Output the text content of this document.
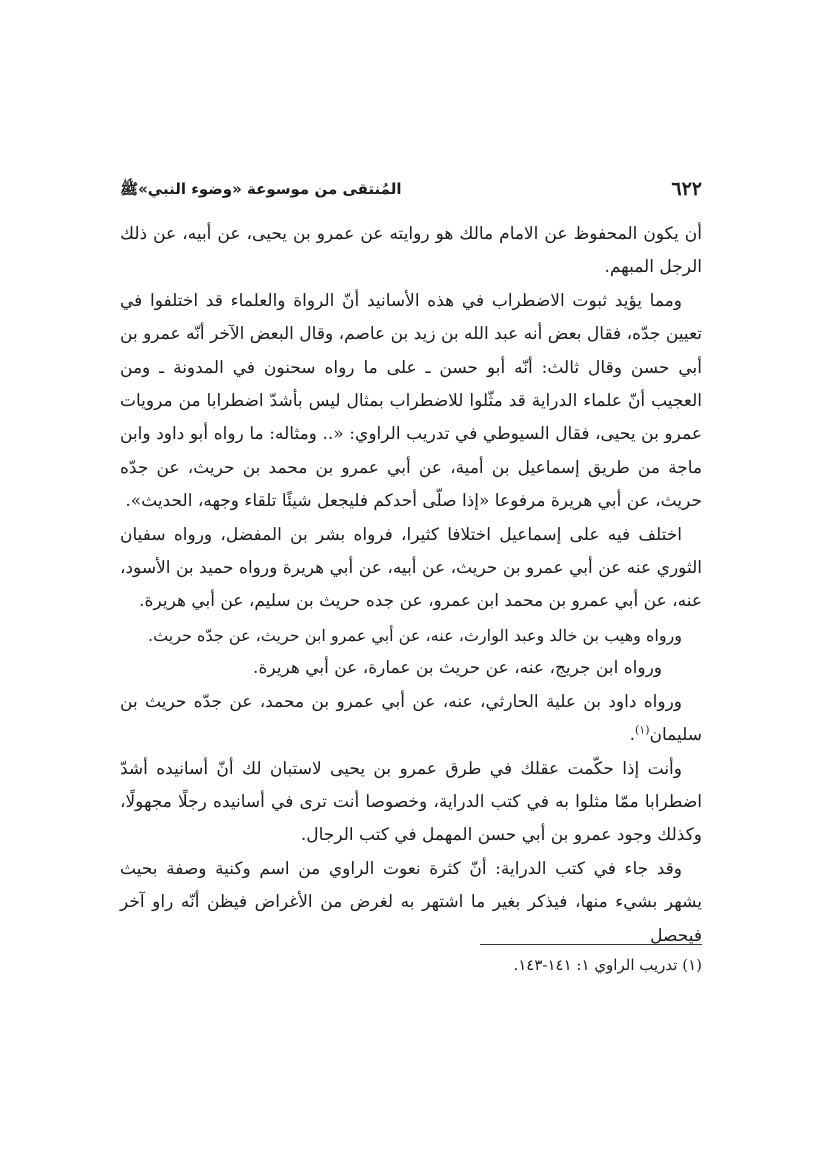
٦٢٢
المُنتقى من موسوعة «وضوء النبي»ﷺ

أن يكون المحفوظ عن الامام مالك هو روايته عن عمرو بن يحيى، عن أبيه، عن ذلك الرجل المبهم.

ومما يؤيد ثبوت الاضطراب في هذه الأسانيد أنّ الرواة والعلماء قد اختلفوا في تعيين جدّه، فقال بعض أنه عبد الله بن زيد بن عاصم، وقال البعض الآخر أنّه عمرو بن أبي حسن وقال ثالث: أنّه أبو حسن ـ على ما رواه سحنون في المدونة ـ ومن العجيب أنّ علماء الدراية قد مثّلوا للاضطراب بمثال ليس بأشدّ اضطرابا من مرويات عمرو بن يحيى، فقال السيوطي في تدريب الراوي: «.. ومثاله: ما رواه أبو داود وابن ماجة من طريق إسماعيل بن أمية، عن أبي عمرو بن محمد بن حريث، عن جدّه حريث، عن أبي هريرة مرفوعا «إذا صلّى أحدكم فليجعل شيئًا تلقاء وجهه، الحديث».

اختلف فيه على إسماعيل اختلافا كثيرا، فرواه بشر بن المفضل، ورواه سفيان الثوري عنه عن أبي عمرو بن حريث، عن أبيه، عن أبي هريرة ورواه حميد بن الأسود، عنه، عن أبي عمرو بن محمد ابن عمرو، عن جده حريث بن سليم، عن أبي هريرة.

ورواه وهيب بن خالد وعبد الوارث، عنه، عن أبي عمرو ابن حريث، عن جدّه حريث.

ورواه ابن جريج، عنه، عن حريث بن عمارة، عن أبي هريرة.

ورواه داود بن علية الحارثي، عنه، عن أبي عمرو بن محمد، عن جدّه حريث بن سليمان$^{(١)}$.

وأنت إذا حكّمت عقلك في طرق عمرو بن يحيى لاستبان لك أنّ أسانيده أشدّ اضطرابا ممّا مثلوا به في كتب الدراية، وخصوصا أنت ترى في أسانيده رجلًا مجهولًا، وكذلك وجود عمرو بن أبي حسن المهمل في كتب الرجال.

وقد جاء في كتب الدراية: أنّ كثرة نعوت الراوي من اسم وكنية وصفة بحيث يشهر بشيء منها، فيذكر بغير ما اشتهر به لغرض من الأغراض فيظن أنّه راو آخر فيحصل

(١) تدريب الراوي ١: ١٤١-١٤٣.
